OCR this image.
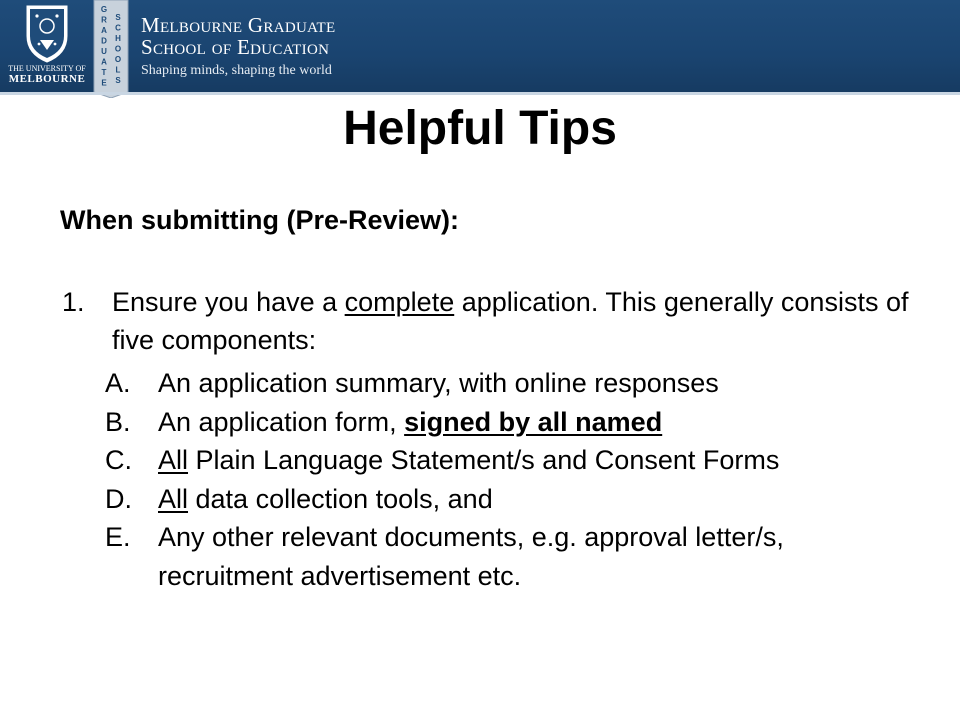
THE UNIVERSITY OF
MELBOURNE
G
R
A
D
U
A
T
E
S
C
H
O
O
L
S
Melbourne Graduate
School of Education
Shaping minds, shaping the world
Helpful Tips
When submitting (Pre-Review):
1. Ensure you have a complete application. This generally consists of five components:
A. An application summary, with online responses
B. An application form, signed by all named
C. All Plain Language Statement/s and Consent Forms
D. All data collection tools, and
E. Any other relevant documents, e.g. approval letter/s, recruitment advertisement etc.
